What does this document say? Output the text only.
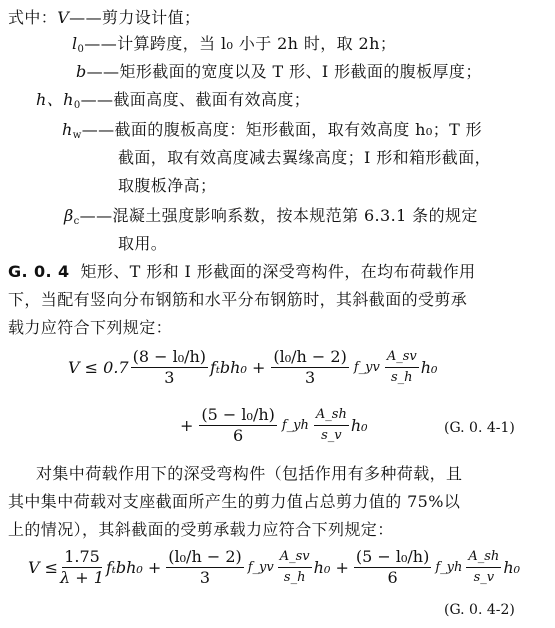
式中：V——剪力设计值；
$l_0——$计算跨度，当 l₀ 小于 2h 时，取 2h；
b——矩形截面的宽度以及 T 形、I 形截面的腹板厚度；
h、$h_0——$截面高度、截面有效高度；
$h_w——$截面的腹板高度：矩形截面，取有效高度 h₀；T 形
截面，取有效高度减去翼缘高度；I 形和箱形截面，
取腹板净高；
$\beta_c——$混凝土强度影响系数，按本规范第 6.3.1 条的规定
取用。
G. 0. 4 矩形、T 形和 I 形截面的深受弯构件，在均布荷载作用
下，当配有竖向分布钢筋和水平分布钢筋时，其斜截面的受剪承
载力应符合下列规定：
$V \le 0.7 \frac{\text{(8 − l₀/h)}}{3} f_tbh_0 + \frac{\text{(l₀/h − 2)}}{3}$ f_yv $\frac{A\_sv}{s\_h} h_0$
+ $\frac{\text{(5 − l₀/h)}}{6}$ f_yh $\frac{A\_sh}{s\_v} h_0$	(G. 0. 4-1)
对集中荷载作用下的深受弯构件（包括作用有多种荷载，且
其中集中荷载对支座截面所产生的剪力值占总剪力值的 75%以
上的情况），其斜截面的受剪承载力应符合下列规定：
$V \le \frac{1.75}{\lambda + 1} f_tbh_0 + \frac{\text{(l₀/h − 2)}}{3}$ f_yv $\frac{A\_sv}{s\_h} h_0 + \frac{\text{(5 − l₀/h)}}{6}$ f_yh $\frac{A\_sh}{s\_v} h_0$
(G. 0. 4-2)
